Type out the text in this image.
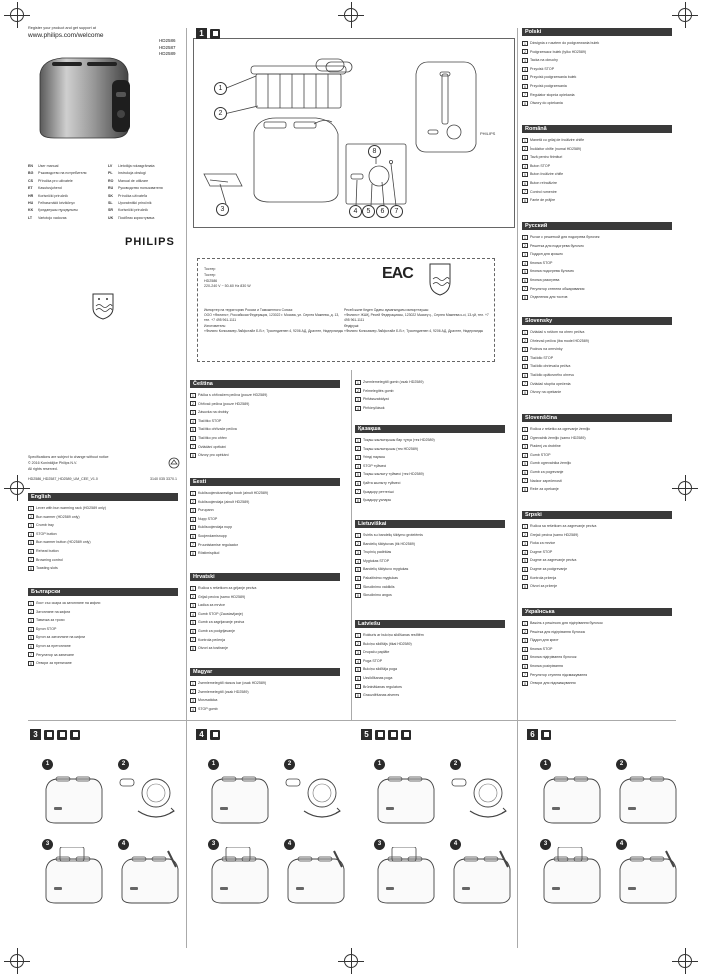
Register your product and get support at
www.philips.com/welcome
HD2586
HD2587
HD2589
EN	User manual
BG	Ръководство на потребителя
CS	Příručka pro uživatele
ET	Kasutusjuhend
HR	Korisnički priručnik
HU	Felhasználói kézikönyv
KK	Қолданушы нұсқаулығы
LT	Vartotojo vadovas
LV	Lietotāja rokasgrāmata
PL	Instrukcja obsługi
RO	Manual de utilizare
RU	Руководство пользователя
SK	Príručka užívateľa
SL	Uporabniški priročnik
SR	Korisnički priručnik
UK	Посібник користувача
PHILIPS
Specifications are subject to change without notice
© 2016 Koninklijke Philips N.V.
All rights reserved.
HD2586_HD2587_HD2589_UM_CEE_V1.0	3140 035 3370.1
1
PHILIPS
1
2
3	4	5	6	7
8
Тостер
Тостер
HD2586
220-240 V ~ 50-60 Hz 830 W
EAC
Импортер на территорию России и Таможенного Союза:
ООО «Филипс», Российская Федерация, 123022 г. Москва, ул. Сергея Макеева, д. 13, тел. +7 495 961-1111
Изготовитель:
«Филипс Консьюмер Лайфстайл Б.В.», Туссендиепен 4, 9206 АД, Драхтен, Нидерланды
Ресей және Кеден Одағы аумағындағы импорттаушы:
«Филипс» ЖШҚ, Ресей Федерациясы, 123022 Мәскеу қ., Сергея Макеева к-сі, 13-үй, тел. +7 495 961-1111
Өндіруші:
«Филипс Консьюмер Лайфстайл Б.В.», Туссендиепен 4, 9206 АД, Драхтен, Нидерланды
English
1	Lever with bun warming rack (HD2589 only)
2	Bun warmer (HD2589 only)
3	Crumb tray
4	STOP button
5	Bun warmer button (HD2589 only)
6	Reheat button
7	Browning control
8	Toasting slots
Български
1	Лост със скара за затопляне на кифли
2	Затопляне на кифли
3	Тавичка за трохи
4	Бутон STOP
5	Бутон за затопляне на кифли
6	Бутон за претопляне
7	Регулатор за запичане
8	Отвори за препичане
Čeština
1	Páčka s ohřívačem pečiva (pouze HD2589)
2	Ohřívač pečiva (pouze HD2589)
3	Zásuvka na drobky
4	Tlačítko STOP
5	Tlačítko ohřívače pečiva
6	Tlačítko pro ohřev
7	Ovládání opékání
8	Otvory pro opékání
Eesti
1	Kuklisoojendusrestiga hoob (ainult HD2589)
2	Kuklisoojendaja (ainult HD2589)
3	Purupann
4	Nupp STOP
5	Kuklisoojendaja nupp
6	Soojendamisnupp
7	Pruunistamise regulaator
8	Röstimispilud
Hrvatski
1	Ručica s rešetkom za grijanje peciva
2	Grijač peciva (samo HD2589)
3	Ladica za mrvice
4	Gumb STOP (Zaustavljanje)
5	Gumb za zagrijavanje peciva
6	Gumb za podgrijavanje
7	Kontrola pečenja
8	Otvori za tostiranje
Magyar
1	Zsemlemelegítő rácsos kar (csak HD2589)
2	Zsemlemelegítő (csak HD2589)
3	Morzsatálca
4	STOP gomb
1	Zsemlemelegítő gomb (csak HD2589)
2	Felmelegítés gomb
3	Pirításszabályzó
4	Pirítónyílások
Қазақша
1	Тоқаш жылытқышы бар тұтқа (тек HD2589)
2	Тоқаш жылытқышы (тек HD2589)
3	Үгінді науасы
4	STOP түймесі
5	Тоқаш жылыту түймесі (тек HD2589)
6	Қайта жылыту түймесі
7	Қыздыру реттегіші
8	Қыздыру ұялары
Lietuviškai
1	Svirtis su bandelių šildymo grotelėmis
2	Bandelių šildytuvas (tik HD2589)
3	Trupinių padėklas
4	Mygtukas STOP
5	Bandelių šildytuvo mygtukas
6	Pakaitinimo mygtukas
7	Skrudinimo valdiklis
8	Skrudinimo angos
Latviešu
1	Rokturis ar bulciņu sildīšanas restītēm
2	Bulciņu sildītājs (tikai HD2589)
3	Drupaču paplāte
4	Poga STOP
5	Bulciņu sildītāja poga
6	Uzsildīšanas poga
7	Brūnināšanas regulators
8	Grauzdēšanas atveres
Polski
1	Dźwignia z rusztem do podgrzewania bułek
2	Podgrzewacz bułek (tylko HD2589)
3	Tacka na okruchy
4	Przycisk STOP
5	Przycisk podgrzewania bułek
6	Przycisk podgrzewania
7	Regulator stopnia opiekania
8	Otwory do opiekania
Română
1	Manetă cu grilaj de încălzire chifle
2	Încălzitor chifle (numai HD2589)
3	Tavă pentru firimituri
4	Buton STOP
5	Buton încălzire chifle
6	Buton reîncălzire
7	Control rumenire
8	Fante de prăjire
Русский
1	Рычаг с решеткой для подогрева булочек
2	Решетка для подогрева булочек
3	Поддон для крошек
4	Кнопка STOP
5	Кнопка подогрева булочек
6	Кнопка разогрева
7	Регулятор степени обжаривания
8	Отделения для тостов
Slovensky
1	Ovládač s roštom na ohrev pečiva
2	Ohrievač pečiva (iba model HD2589)
3	Podnos na omrvinky
4	Tlačidlo STOP
5	Tlačidlo ohrievača pečiva
6	Tlačidlo opätovného ohrevu
7	Ovládač stupňa opečenia
8	Otvory na opekanie
Slovenščina
1	Ročica z rešetko za ogrevanje žemljic
2	Ogrevalnik žemljic (samo HD2589)
3	Pladenj za drobtine
4	Gumb STOP
5	Gumb ogrevalnika žemljic
6	Gumb za pogrevanje
7	Nadzor zapečenosti
8	Reže za opekanje
Srpski
1	Ručica sa rešetkom za zagrevanje peciva
2	Grejač peciva (samo HD2589)
3	Fioka za mrvice
4	Dugme STOP
5	Dugme za zagrevanje peciva
6	Dugme za podgrevanje
7	Kontrola prženja
8	Otvori za prženje
Українська
1	Важіль з решіткою для підігрівання булочок
2	Решітка для підігрівання булочок
3	Піддон для крихт
4	Кнопка STOP
5	Кнопка підігрівання булочок
6	Кнопка розігрівання
7	Регулятор ступеня підсмажування
8	Отвори для підсмажування
3	4	5	6
1	2
3	4
1	2
3	4
1	2
3	4
1	2
3	4
